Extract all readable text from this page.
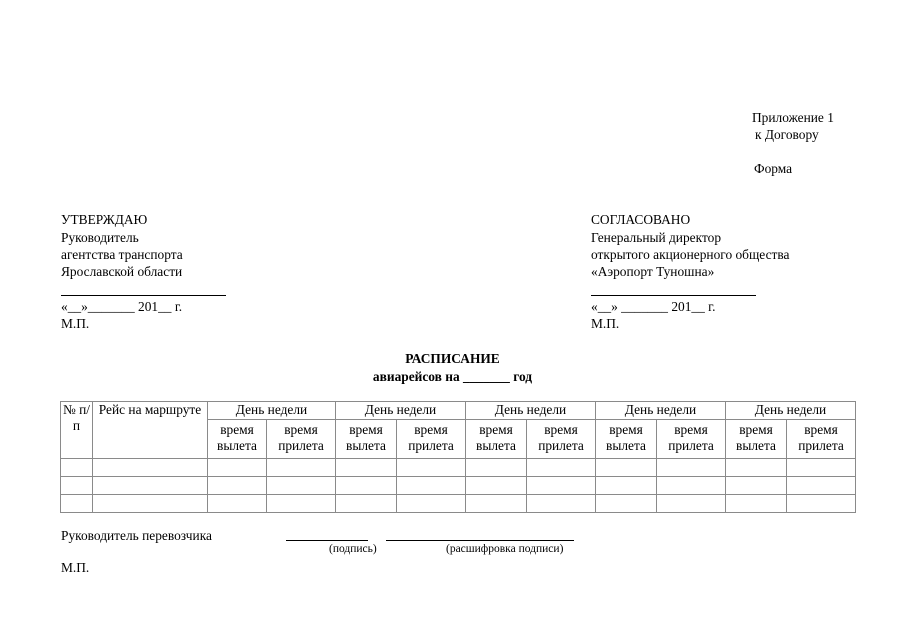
Приложение 1
к Договору
Форма
УТВЕРЖДАЮ
Руководитель
агентства транспорта
Ярославской области
«__»_______ 201__ г.
М.П.
СОГЛАСОВАНО
Генеральный директор
открытого акционерного общества
«Аэропорт Туношна»
«__» _______ 201__ г.
М.П.
РАСПИСАНИЕ
авиарейсов на _______ год
№ п/п	Рейс на маршруте	День недели		День недели		День недели		День недели		День недели	
		время вылета	время прилета	время вылета	время прилета	время вылета	время прилета	время вылета	время прилета	время вылета	время прилета

Руководитель перевозчика
(подпись)	(расшифровка подписи)
М.П.
